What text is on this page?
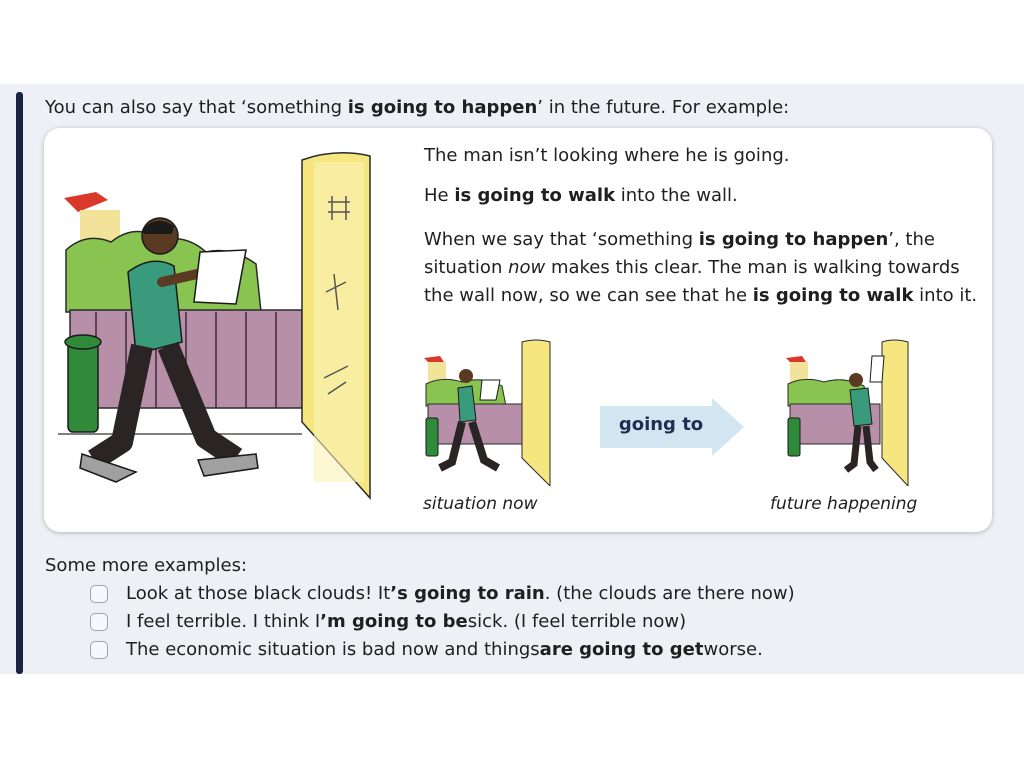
You can also say that ‘something is going to happen’ in the future. For example:
The man isn’t looking where he is going.
He is going to walk into the wall.
When we say that ‘something is going to happen’, the situation now makes this clear. The man is walking towards the wall now, so we can see that he is going to walk into it.
going to
situation now	future happening
Some more examples:
Look at those black clouds! It ’s going to rain . (the clouds are there now)
I feel terrible. I think I ’m going to be sick. (I feel terrible now)
The economic situation is bad now and things are going to get worse.
